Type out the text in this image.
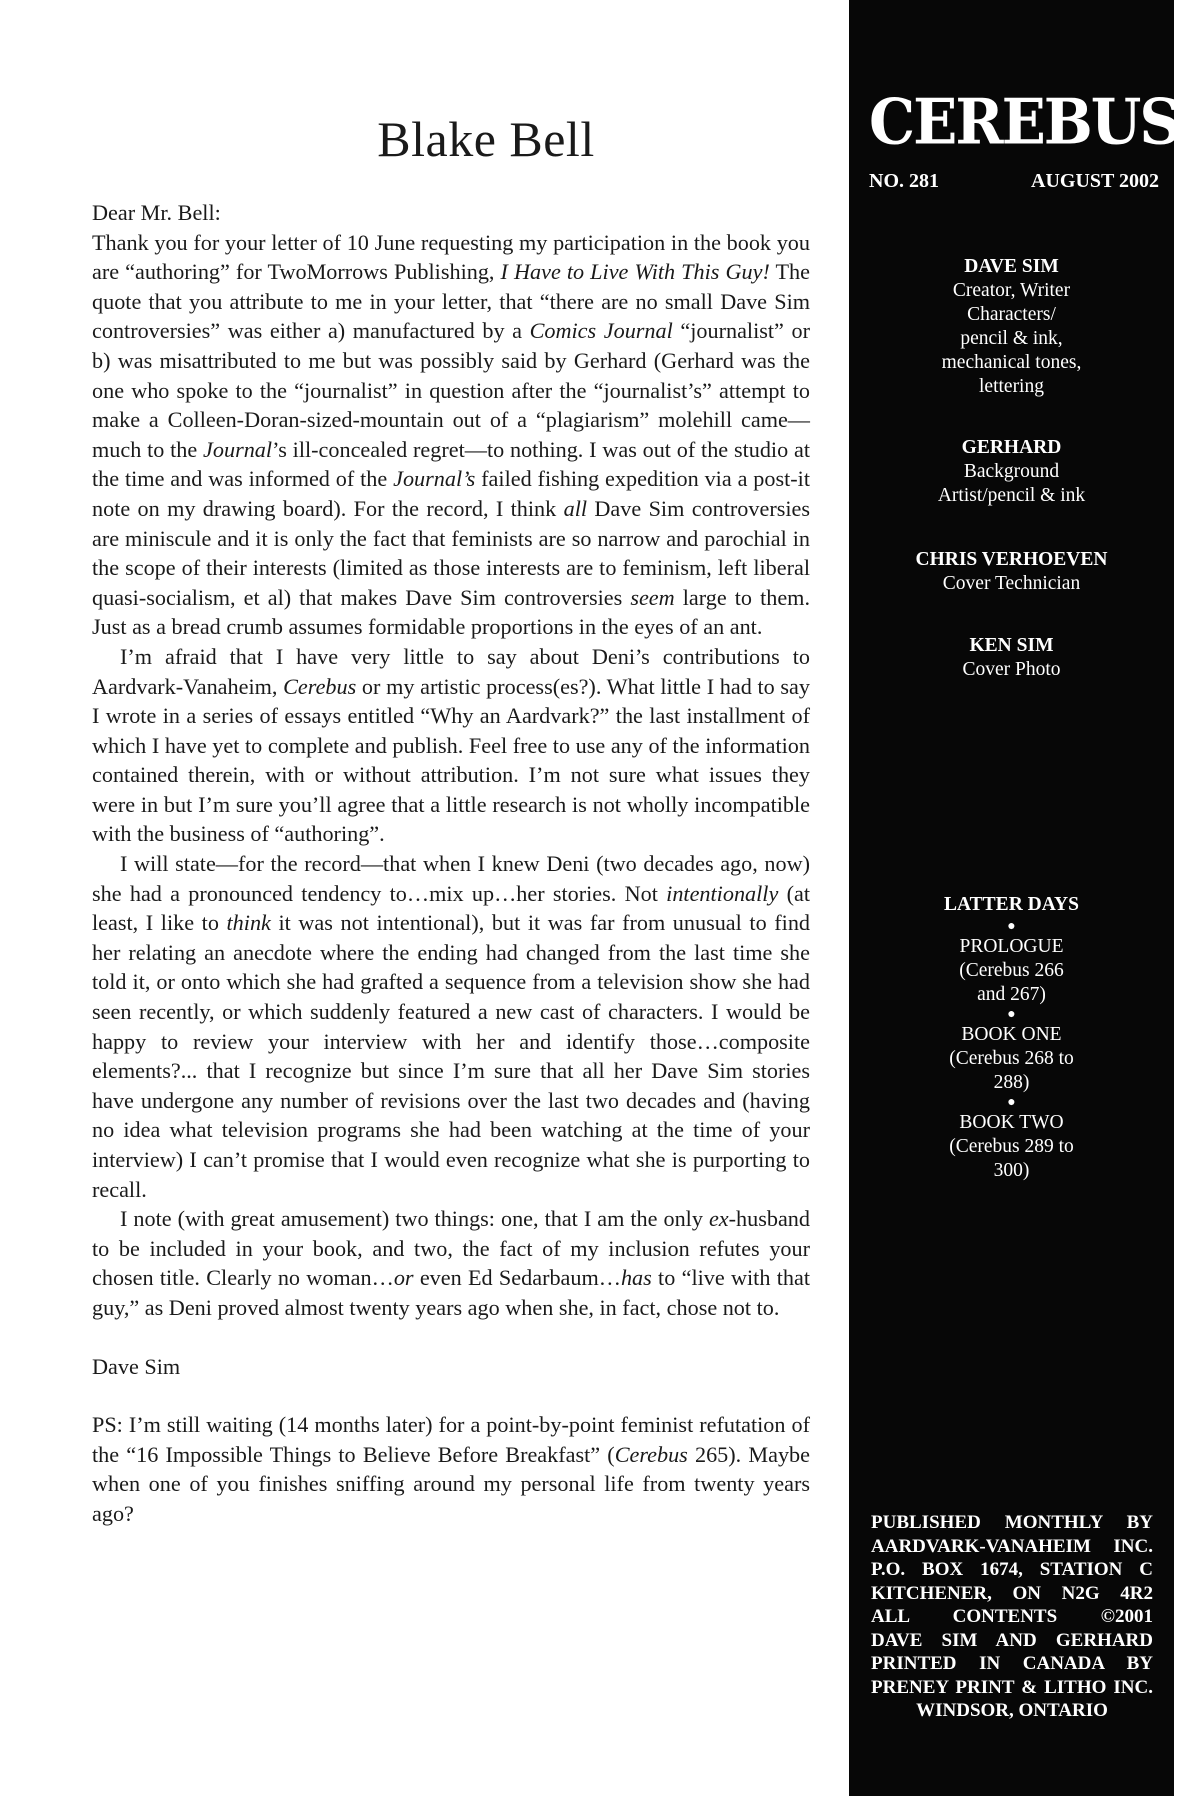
Blake Bell

Dear Mr. Bell:

Thank you for your letter of 10 June requesting my participation in the book you are “authoring” for TwoMorrows Publishing, I Have to Live With This Guy! The quote that you attribute to me in your letter, that “there are no small Dave Sim controversies” was either a) manufactured by a Comics Journal “journalist” or b) was misattributed to me but was possibly said by Gerhard (Gerhard was the one who spoke to the “journalist” in question after the “journalist’s” attempt to make a Colleen-Doran-sized-mountain out of a “plagiarism” molehill came—much to the Journal’s ill-concealed regret—to nothing. I was out of the studio at the time and was informed of the Journal’s failed fishing expedition via a post-it note on my drawing board). For the record, I think all Dave Sim controversies are miniscule and it is only the fact that feminists are so narrow and parochial in the scope of their interests (limited as those interests are to feminism, left liberal quasi-socialism, et al) that makes Dave Sim controversies seem large to them. Just as a bread crumb assumes formidable proportions in the eyes of an ant.

I’m afraid that I have very little to say about Deni’s contributions to Aardvark-Vanaheim, Cerebus or my artistic process(es?). What little I had to say I wrote in a series of essays entitled “Why an Aardvark?” the last installment of which I have yet to complete and publish. Feel free to use any of the information contained therein, with or without attribution. I’m not sure what issues they were in but I’m sure you’ll agree that a little research is not wholly incompatible with the business of “authoring”.

I will state—for the record—that when I knew Deni (two decades ago, now) she had a pronounced tendency to…mix up…her stories. Not intentionally (at least, I like to think it was not intentional), but it was far from unusual to find her relating an anecdote where the ending had changed from the last time she told it, or onto which she had grafted a sequence from a television show she had seen recently, or which suddenly featured a new cast of characters. I would be happy to review your interview with her and identify those…composite elements?... that I recognize but since I’m sure that all her Dave Sim stories have undergone any number of revisions over the last two decades and (having no idea what television programs she had been watching at the time of your interview) I can’t promise that I would even recognize what she is purporting to recall.

I note (with great amusement) two things: one, that I am the only ex-husband to be included in your book, and two, the fact of my inclusion refutes your chosen title. Clearly no woman…or even Ed Sedarbaum…has to “live with that guy,” as Deni proved almost twenty years ago when she, in fact, chose not to.

Dave Sim

PS: I’m still waiting (14 months later) for a point-by-point feminist refutation of the “16 Impossible Things to Believe Before Breakfast” (Cerebus 265). Maybe when one of you finishes sniffing around my personal life from twenty years ago?

CEREBUS
NO. 281	AUGUST 2002
DAVE SIM
Creator, Writer
Characters/
pencil & ink,
mechanical tones,
lettering
GERHARD
Background
Artist/pencil & ink
CHRIS VERHOEVEN
Cover Technician
KEN SIM
Cover Photo
LATTER DAYS
●
PROLOGUE
(Cerebus 266
and 267)
●
BOOK ONE
(Cerebus 268 to
288)
●
BOOK TWO
(Cerebus 289 to
300)
PUBLISHED MONTHLY BY
AARDVARK-VANAHEIM INC.
P.O. BOX 1674, STATION C
KITCHENER, ON N2G 4R2
ALL CONTENTS ©2001
DAVE SIM AND GERHARD
PRINTED IN CANADA BY
PRENEY PRINT & LITHO INC.
WINDSOR, ONTARIO
